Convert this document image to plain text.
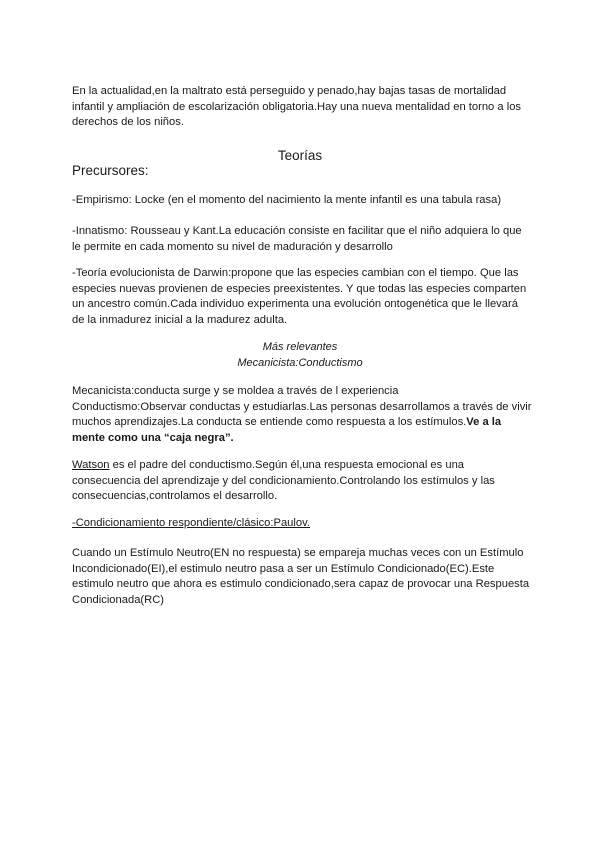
En la actualidad,en la maltrato está perseguido y penado,hay bajas tasas de mortalidad infantil y ampliación de escolarización obligatoria.Hay una nueva mentalidad en torno a los derechos de los niños.

Teorías

Precursores:

-Empirismo: Locke (en el momento del nacimiento la mente infantil es una tabula rasa)

-Innatismo: Rousseau y Kant.La educación consiste en facilitar que el niño adquiera lo que le permite en cada momento su nivel de maduración y desarrollo

-Teoría evolucionista de Darwin:propone que las especies cambian con el tiempo. Que las especies nuevas provienen de especies preexistentes. Y que todas las especies comparten un ancestro común.Cada individuo experimenta una evolución ontogenética que le llevará de la inmadurez inicial a la madurez adulta.

Más relevantes

Mecanicista:Conductismo

Mecanicista:conducta surge y se moldea a través de l experiencia
Conductismo:Observar conductas y estudiarlas.Las personas desarrollamos a través de vivir muchos aprendizajes.La conducta se entiende como respuesta a los estímulos.Ve a la mente como una “caja negra”.

Watson es el padre del conductismo.Según él,una respuesta emocional es una consecuencia del aprendizaje y del condicionamiento.Controlando los estímulos y las consecuencias,controlamos el desarrollo.

-Condicionamiento respondiente/clásico:Paulov.

Cuando un Estímulo Neutro(EN no respuesta) se empareja muchas veces con un Estímulo Incondicionado(EI),el estimulo neutro pasa a ser un Estímulo Condicionado(EC).Este estimulo neutro que ahora es estimulo condicionado,sera capaz de provocar una Respuesta Condicionada(RC)
